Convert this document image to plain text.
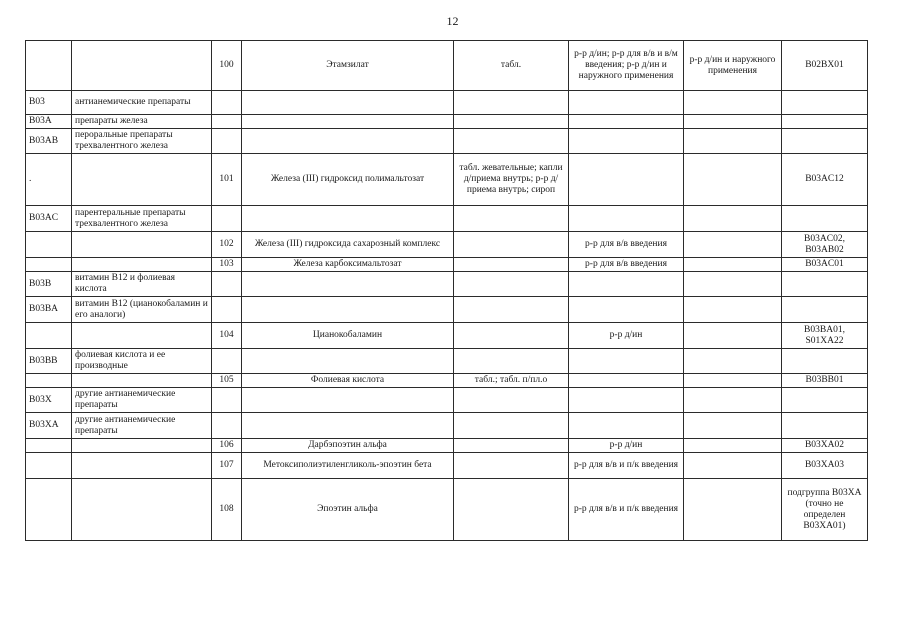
12
		100	Этамзилат	табл.	р-р д/ин; р-р для в/в и в/м введения; р-р д/ин и наружного применения	р-р д/ин и наружного применения	B02BX01
B03	антианемические препараты						
B03A	препараты железа						
B03AB	пероральные препараты трехвалентного железа						
.		101	Железа (III) гидроксид полимальтозат	табл. жевательные; капли д/приема внутрь; р-р д/приема внутрь; сироп			B03AC12
B03AC	парентеральные препараты трехвалентного железа						
		102	Железа (III) гидроксида сахарозный комплекс		р-р для в/в введения		B03AC02, B03AB02
		103	Железа карбоксимальтозат		р-р для в/в введения		B03AC01
B03B	витамин B12 и фолиевая кислота						
B03BA	витамин B12 (цианокобаламин и его аналоги)						
		104	Цианокобаламин		р-р д/ин		B03BA01, S01XA22
B03BB	фолиевая кислота и ее производные						
		105	Фолиевая кислота	табл.; табл. п/пл.о			B03BB01
B03X	другие антианемические препараты						
B03XA	другие антианемические препараты						
		106	Дарбэпоэтин альфа		р-р д/ин		B03XA02
		107	Метоксиполиэтиленгликоль-эпоэтин бета		р-р для в/в и п/к введения		B03XA03
		108	Эпоэтин альфа		р-р для в/в и п/к введения		подгруппа B03XA (точно не определен B03XA01)
